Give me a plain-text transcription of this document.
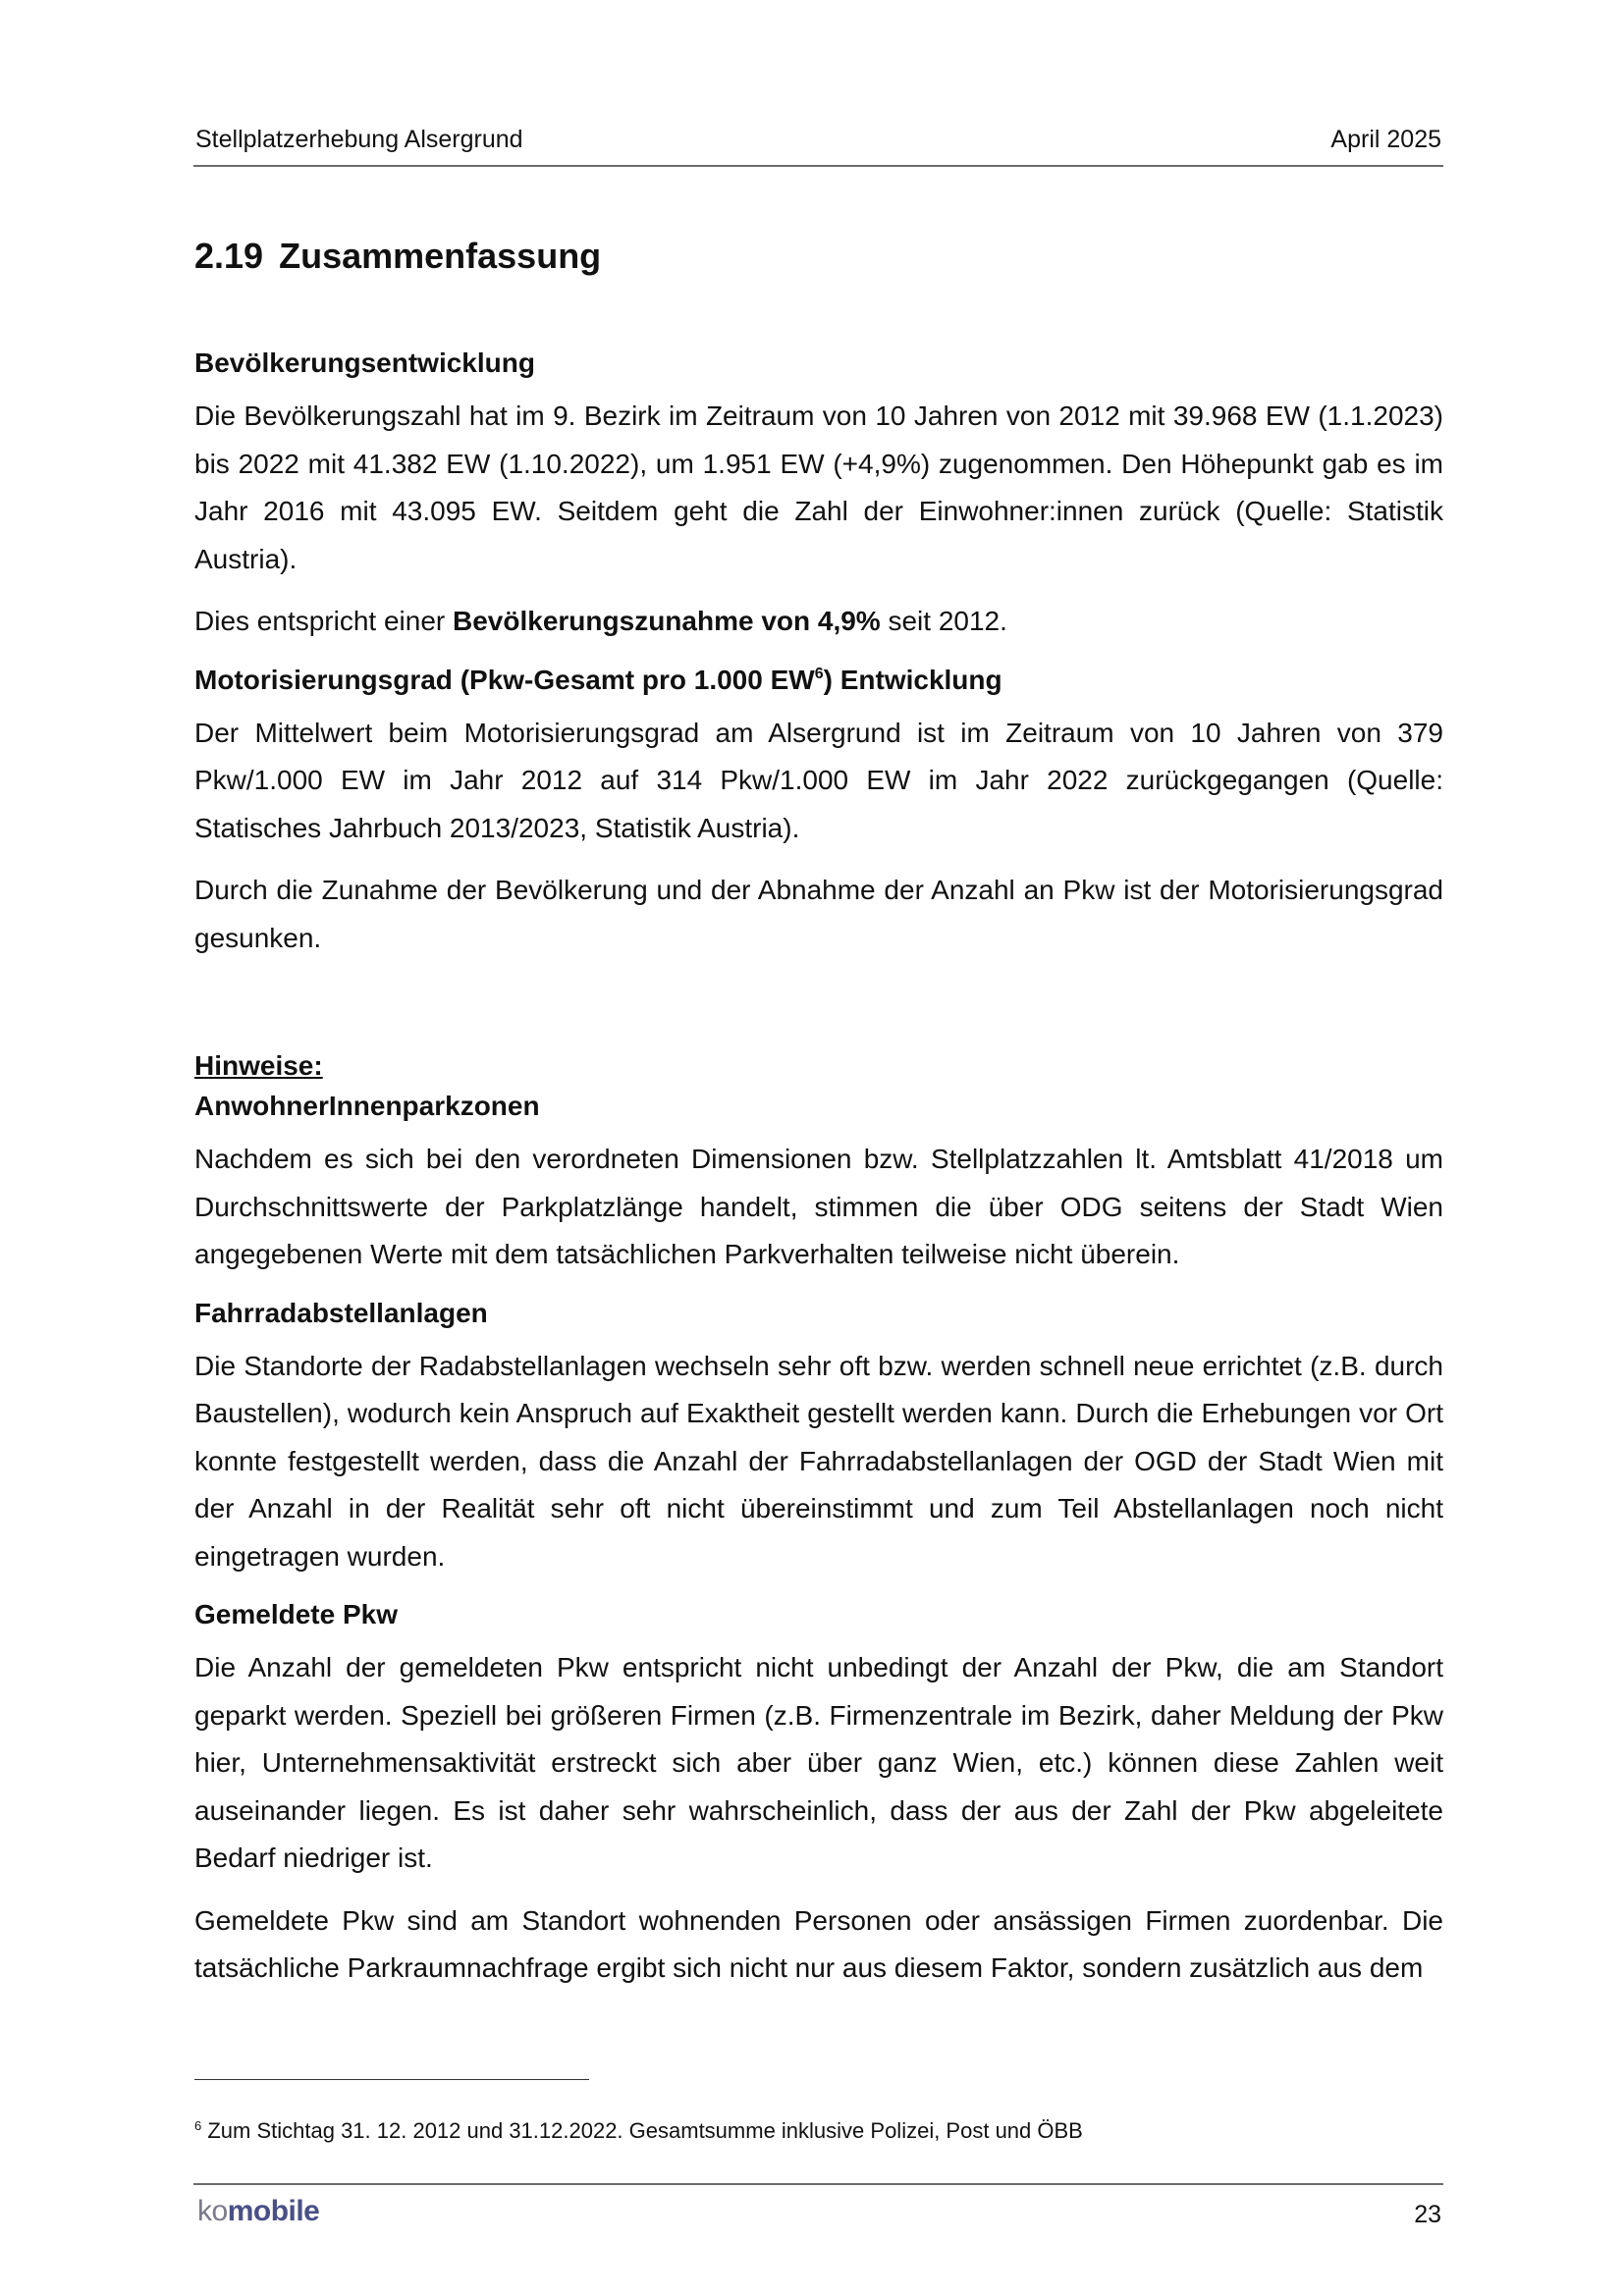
Stellplatzerhebung Alsergrund	April 2025
2.19 Zusammenfassung
Bevölkerungsentwicklung

Die Bevölkerungszahl hat im 9. Bezirk im Zeitraum von 10 Jahren von 2012 mit 39.968 EW (1.1.2023) bis 2022 mit 41.382 EW (1.10.2022), um 1.951 EW (+4,9%) zugenommen. Den Höhepunkt gab es im Jahr 2016 mit 43.095 EW. Seitdem geht die Zahl der Einwohner:innen zurück (Quelle: Statistik Austria).

Dies entspricht einer Bevölkerungszunahme von 4,9% seit 2012.

Motorisierungsgrad (Pkw-Gesamt pro 1.000 $EW^6$) Entwicklung

Der Mittelwert beim Motorisierungsgrad am Alsergrund ist im Zeitraum von 10 Jahren von 379 Pkw/1.000 EW im Jahr 2012 auf 314 Pkw/1.000 EW im Jahr 2022 zurückgegangen (Quelle: Statisches Jahrbuch 2013/2023, Statistik Austria).

Durch die Zunahme der Bevölkerung und der Abnahme der Anzahl an Pkw ist der Motorisierungsgrad gesunken.

Hinweise:
AnwohnerInnenparkzonen

Nachdem es sich bei den verordneten Dimensionen bzw. Stellplatzzahlen lt. Amtsblatt 41/2018 um Durchschnittswerte der Parkplatzlänge handelt, stimmen die über ODG seitens der Stadt Wien angegebenen Werte mit dem tatsächlichen Parkverhalten teilweise nicht überein.

Fahrradabstellanlagen

Die Standorte der Radabstellanlagen wechseln sehr oft bzw. werden schnell neue errichtet (z.B. durch Baustellen), wodurch kein Anspruch auf Exaktheit gestellt werden kann. Durch die Erhebungen vor Ort konnte festgestellt werden, dass die Anzahl der Fahrradabstellanlagen der OGD der Stadt Wien mit der Anzahl in der Realität sehr oft nicht übereinstimmt und zum Teil Abstellanlagen noch nicht eingetragen wurden.

Gemeldete Pkw

Die Anzahl der gemeldeten Pkw entspricht nicht unbedingt der Anzahl der Pkw, die am Standort geparkt werden. Speziell bei größeren Firmen (z.B. Firmenzentrale im Bezirk, daher Meldung der Pkw hier, Unternehmensaktivität erstreckt sich aber über ganz Wien, etc.) können diese Zahlen weit auseinander liegen. Es ist daher sehr wahrscheinlich, dass der aus der Zahl der Pkw abgeleitete Bedarf niedriger ist.

Gemeldete Pkw sind am Standort wohnenden Personen oder ansässigen Firmen zuordenbar. Die tatsächliche Parkraumnachfrage ergibt sich nicht nur aus diesem Faktor, sondern zusätzlich aus dem

$^6$ Zum Stichtag 31. 12. 2012 und 31.12.2022. Gesamtsumme inklusive Polizei, Post und ÖBB
komobile	23
